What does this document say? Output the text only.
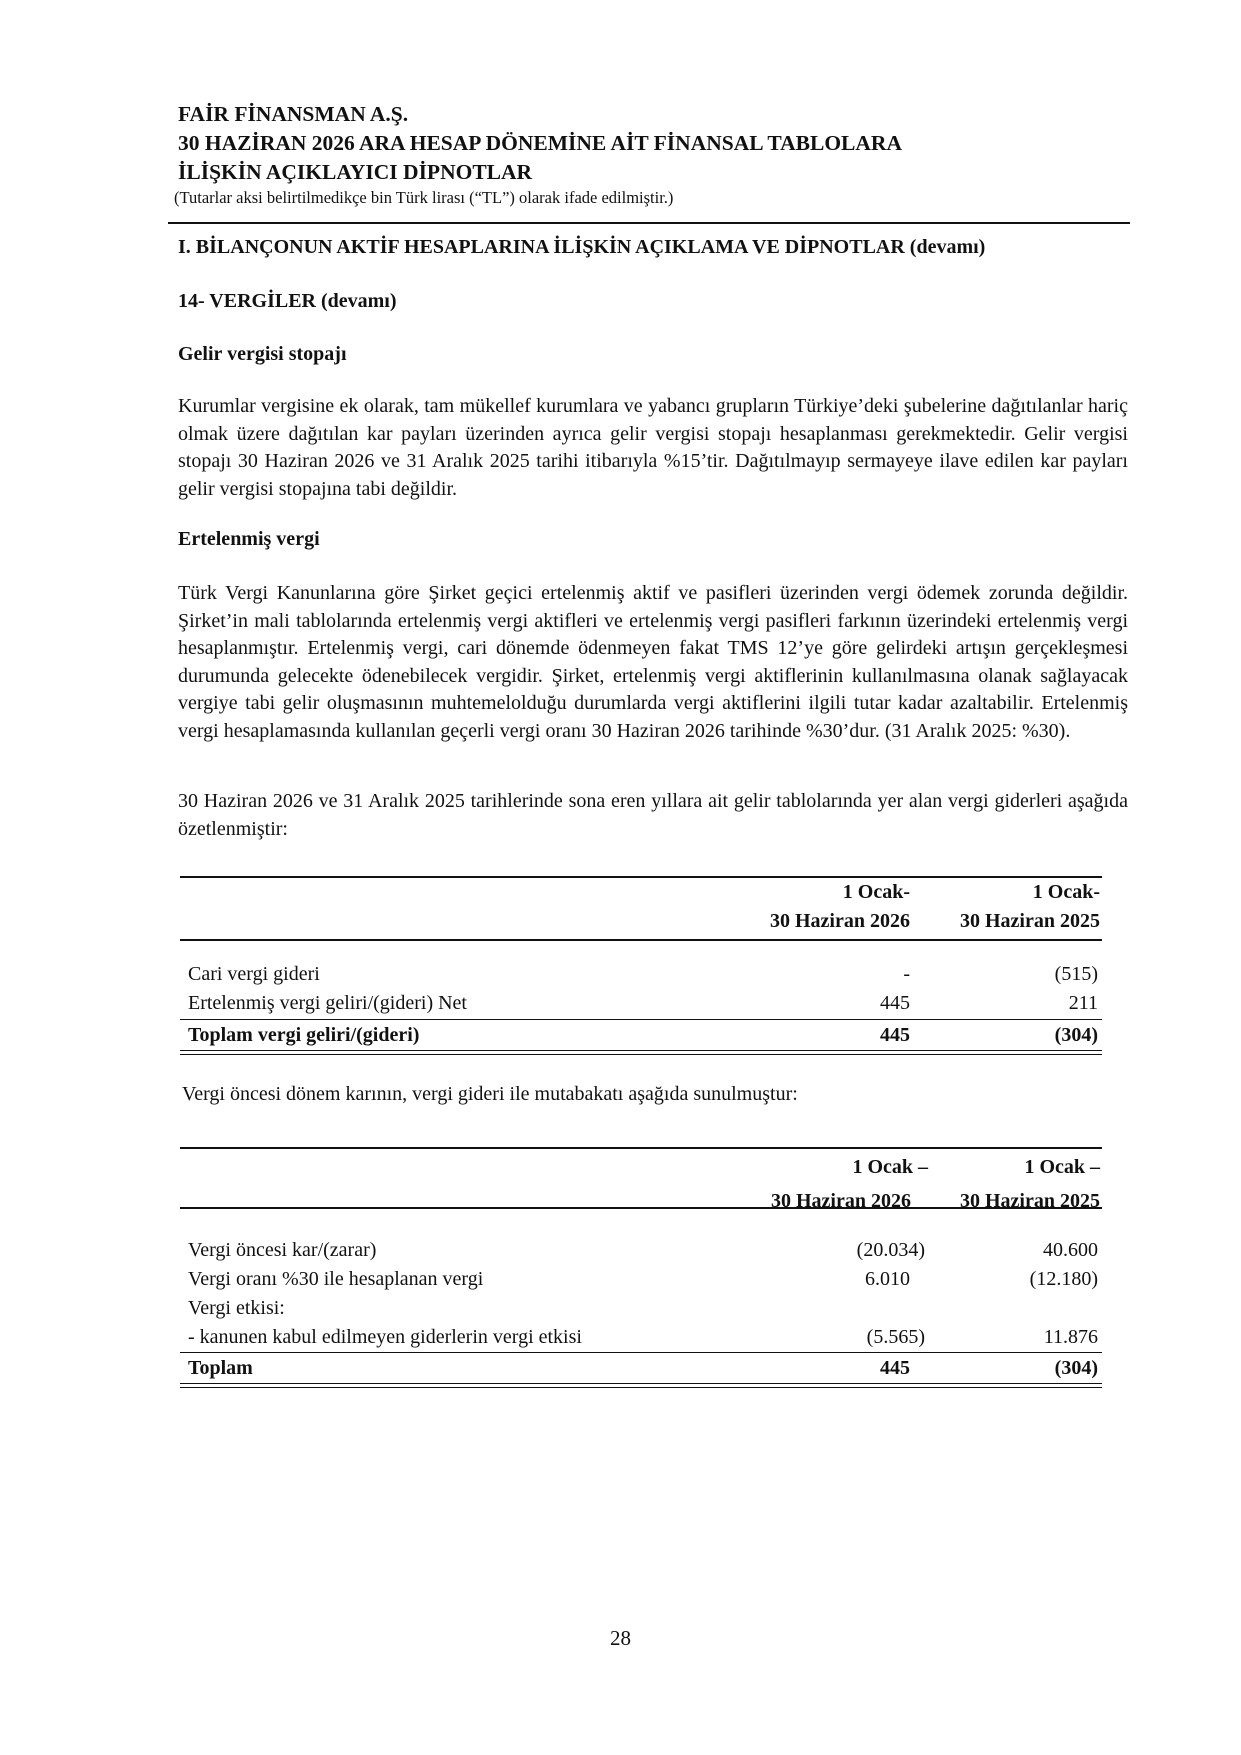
FAİR FİNANSMAN A.Ş.
30 HAZİRAN 2026 ARA HESAP DÖNEMİNE AİT FİNANSAL TABLOLARA
İLİŞKİN AÇIKLAYICI DİPNOTLAR
(Tutarlar aksi belirtilmedikçe bin Türk lirası (“TL”) olarak ifade edilmiştir.)
I. BİLANÇONUN AKTİF HESAPLARINA İLİŞKİN AÇIKLAMA VE DİPNOTLAR (devamı)
14- VERGİLER (devamı)
Gelir vergisi stopajı
Kurumlar vergisine ek olarak, tam mükellef kurumlara ve yabancı grupların Türkiye’deki şubelerine dağıtılanlar hariç olmak üzere dağıtılan kar payları üzerinden ayrıca gelir vergisi stopajı hesaplanması gerekmektedir. Gelir vergisi stopajı 30 Haziran 2026 ve 31 Aralık 2025 tarihi itibarıyla %15’tir. Dağıtılmayıp sermayeye ilave edilen kar payları gelir vergisi stopajına tabi değildir.
Ertelenmiş vergi
Türk Vergi Kanunlarına göre Şirket geçici ertelenmiş aktif ve pasifleri üzerinden vergi ödemek zorunda değildir. Şirket’in mali tablolarında ertelenmiş vergi aktifleri ve ertelenmiş vergi pasifleri farkının üzerindeki ertelenmiş vergi hesaplanmıştır. Ertelenmiş vergi, cari dönemde ödenmeyen fakat TMS 12’ye göre gelirdeki artışın gerçekleşmesi durumunda gelecekte ödenebilecek vergidir. Şirket, ertelenmiş vergi aktiflerinin kullanılmasına olanak sağlayacak vergiye tabi gelir oluşmasının muhtemelolduğu durumlarda vergi aktiflerini ilgili tutar kadar azaltabilir. Ertelenmiş vergi hesaplamasında kullanılan geçerli vergi oranı 30 Haziran 2026 tarihinde %30’dur. (31 Aralık 2025: %30).
30 Haziran 2026 ve 31 Aralık 2025 tarihlerinde sona eren yıllara ait gelir tablolarında yer alan vergi giderleri aşağıda özetlenmiştir:
1 Ocak-
30 Haziran 2026
1 Ocak-
30 Haziran 2025
Cari vergi gideri	-	(515)
Ertelenmiş vergi geliri/(gideri) Net	445	211
Toplam vergi geliri/(gideri)	445	(304)
Vergi öncesi dönem karının, vergi gideri ile mutabakatı aşağıda sunulmuştur:
1 Ocak –
30 Haziran 2026
1 Ocak –
30 Haziran 2025
Vergi öncesi kar/(zarar)	(20.034)	40.600
Vergi oranı %30 ile hesaplanan vergi	6.010	(12.180)
Vergi etkisi:
- kanunen kabul edilmeyen giderlerin vergi etkisi	(5.565)	11.876
Toplam	445	(304)
28
